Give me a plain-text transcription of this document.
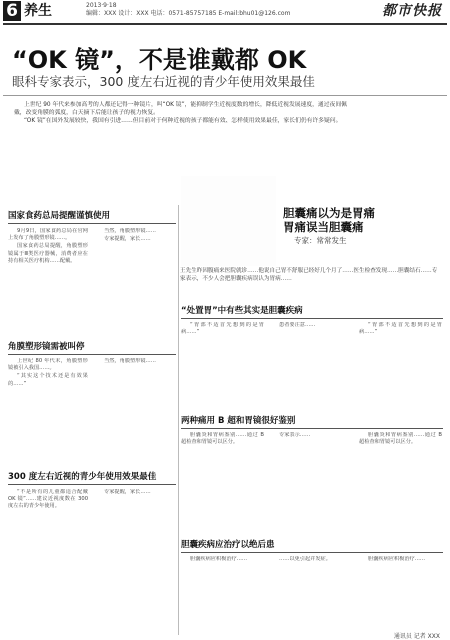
6 养生	2013·9·18
编辑：XXX 设计：XXX 电话：0571-85757185 E-mail:bhu01@126.com	都市快报
“OK 镜”，不是谁戴都 OK
眼科专家表示，300 度左右近视的青少年使用效果最佳

上世纪 90 年代来参加高考的人都还记得一种镜片，叫“OK 镜”，能抑制学生近视度数的增长，降低近视发展速度，通过夜间佩戴，改变角膜的弧度，白天摘下后能让孩子的视力恢复。

“OK 镜”在国外发展较快，我国有引进……但目前对于何种近视的孩子都能有效、怎样使用效果最佳，家长们仍有许多疑问。

胆囊痛以为是胃痛
胃痛误当胆囊痛
专家：常常发生
国家食药总局提醒谨慎使用

9月9日，国家食药总局在官网上发布了角膜塑形镜……。

国家食药总局提醒，角膜塑形镜属于Ⅲ类医疗器械，消费者应在持有相关医疗机构……配戴。

当然，角膜塑形镜……

专家提醒，家长……

角膜塑形镜需被叫停

上世纪 80 年代末，角膜塑形镜被引入我国……。

“其实这个技术还是有效果的……”

当然，角膜塑形镜……

300 度左右近视的青少年使用效果最佳

“不是所有的儿童都适合配戴 OK 镜”……建议近视度数在 300 度左右的青少年使用。

专家提醒，家长……

王先生昨因腹痛来医院就诊……他说自己胃不舒服已经好几个月了……医生检查发现……胆囊结石……专家表示，不少人会把胆囊疾病误认为胃病……
“处置胃”中有些其实是胆囊疾病

“胃部不适首先想到的是胃病……”

患者要注意……	“胃部不适首先想到的是胃病……”

两种痛用 B 超和胃镜很好鉴别

胆囊炎和胃病鉴别……通过 B 超检查和胃镜可以区分。

专家表示……	胆囊炎和胃病鉴别……通过 B 超检查和胃镜可以区分。

胆囊疾病应治疗以绝后患

胆囊疾病应积极治疗……	……以免引起并发症。	胆囊疾病应积极治疗……

通讯员 记者 XXX
